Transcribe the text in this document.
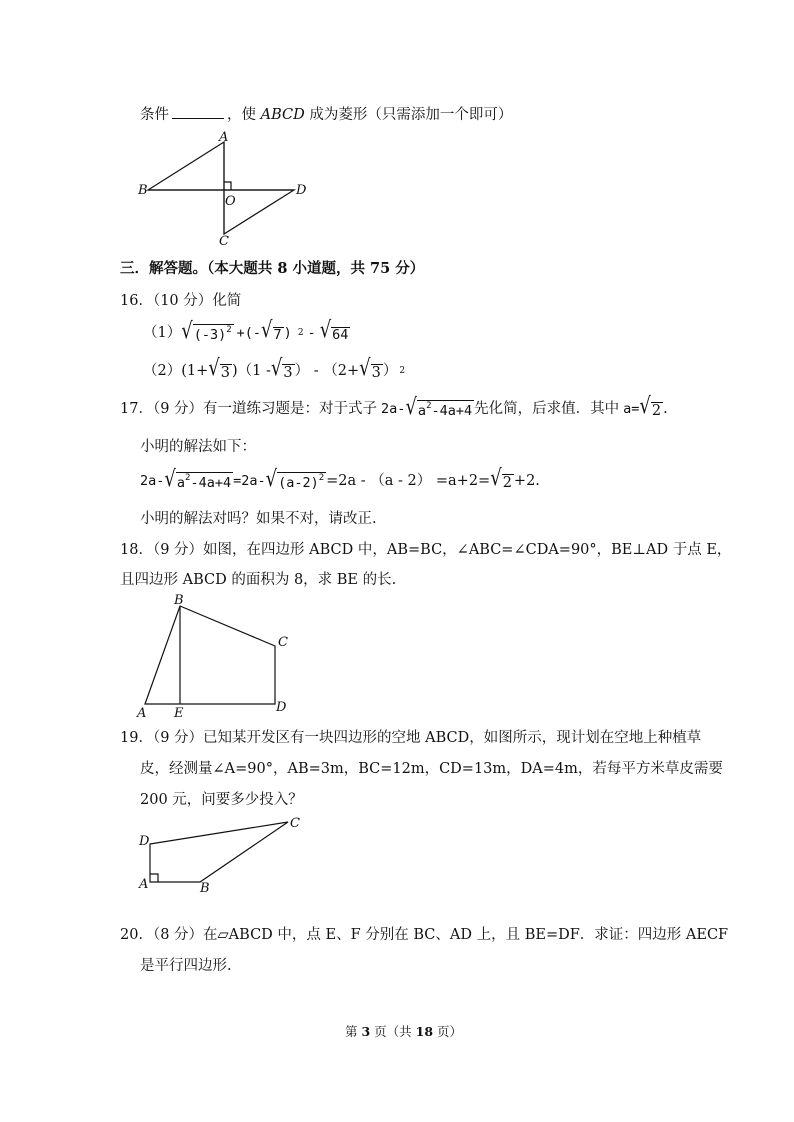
条件	，使 ABCD 成为菱形（只需添加一个即可）
A
B
C
D
O
三．解答题。（本大题共 8 小道题，共 75 分）
16．（10 分）化简
（1） √ $(-3)^2$ +(- √ 7 ) 2 - √ 64
（2） (1+ √ 3 )（1 - √ 3 ） - （2+ √ 3 ） 2
17．（9 分）有一道练习题是：对于式子 2a- √ $a^2-4a+4$ 先化简，后求值．其中 a= √ 2 .
小明的解法如下：
2a- √ $a^2-4a+4 =2a-$ √ $(a-2)^2 =2a - (a - 2) =a+2=$ √ 2 +2.
小明的解法对吗？如果不对，请改正.
18．（9 分）如图，在四边形 ABCD 中，AB=BC，∠ABC=∠CDA=90°，BE⊥AD 于点 E，
且四边形 ABCD 的面积为 8，求 BE 的长.
B
C
A E	D
19．（9 分）已知某开发区有一块四边形的空地 ABCD，如图所示，现计划在空地上种植草
皮，经测量∠A=90°，AB=3m，BC=12m，CD=13m，DA=4m，若每平方米草皮需要
200 元，问要多少投入？
D
C
A	B
20．（8 分）在▱ABCD 中，点 E、F 分别在 BC、AD 上，且 BE=DF．求证：四边形 AECF
是平行四边形.
第 3 页（共 18 页）
